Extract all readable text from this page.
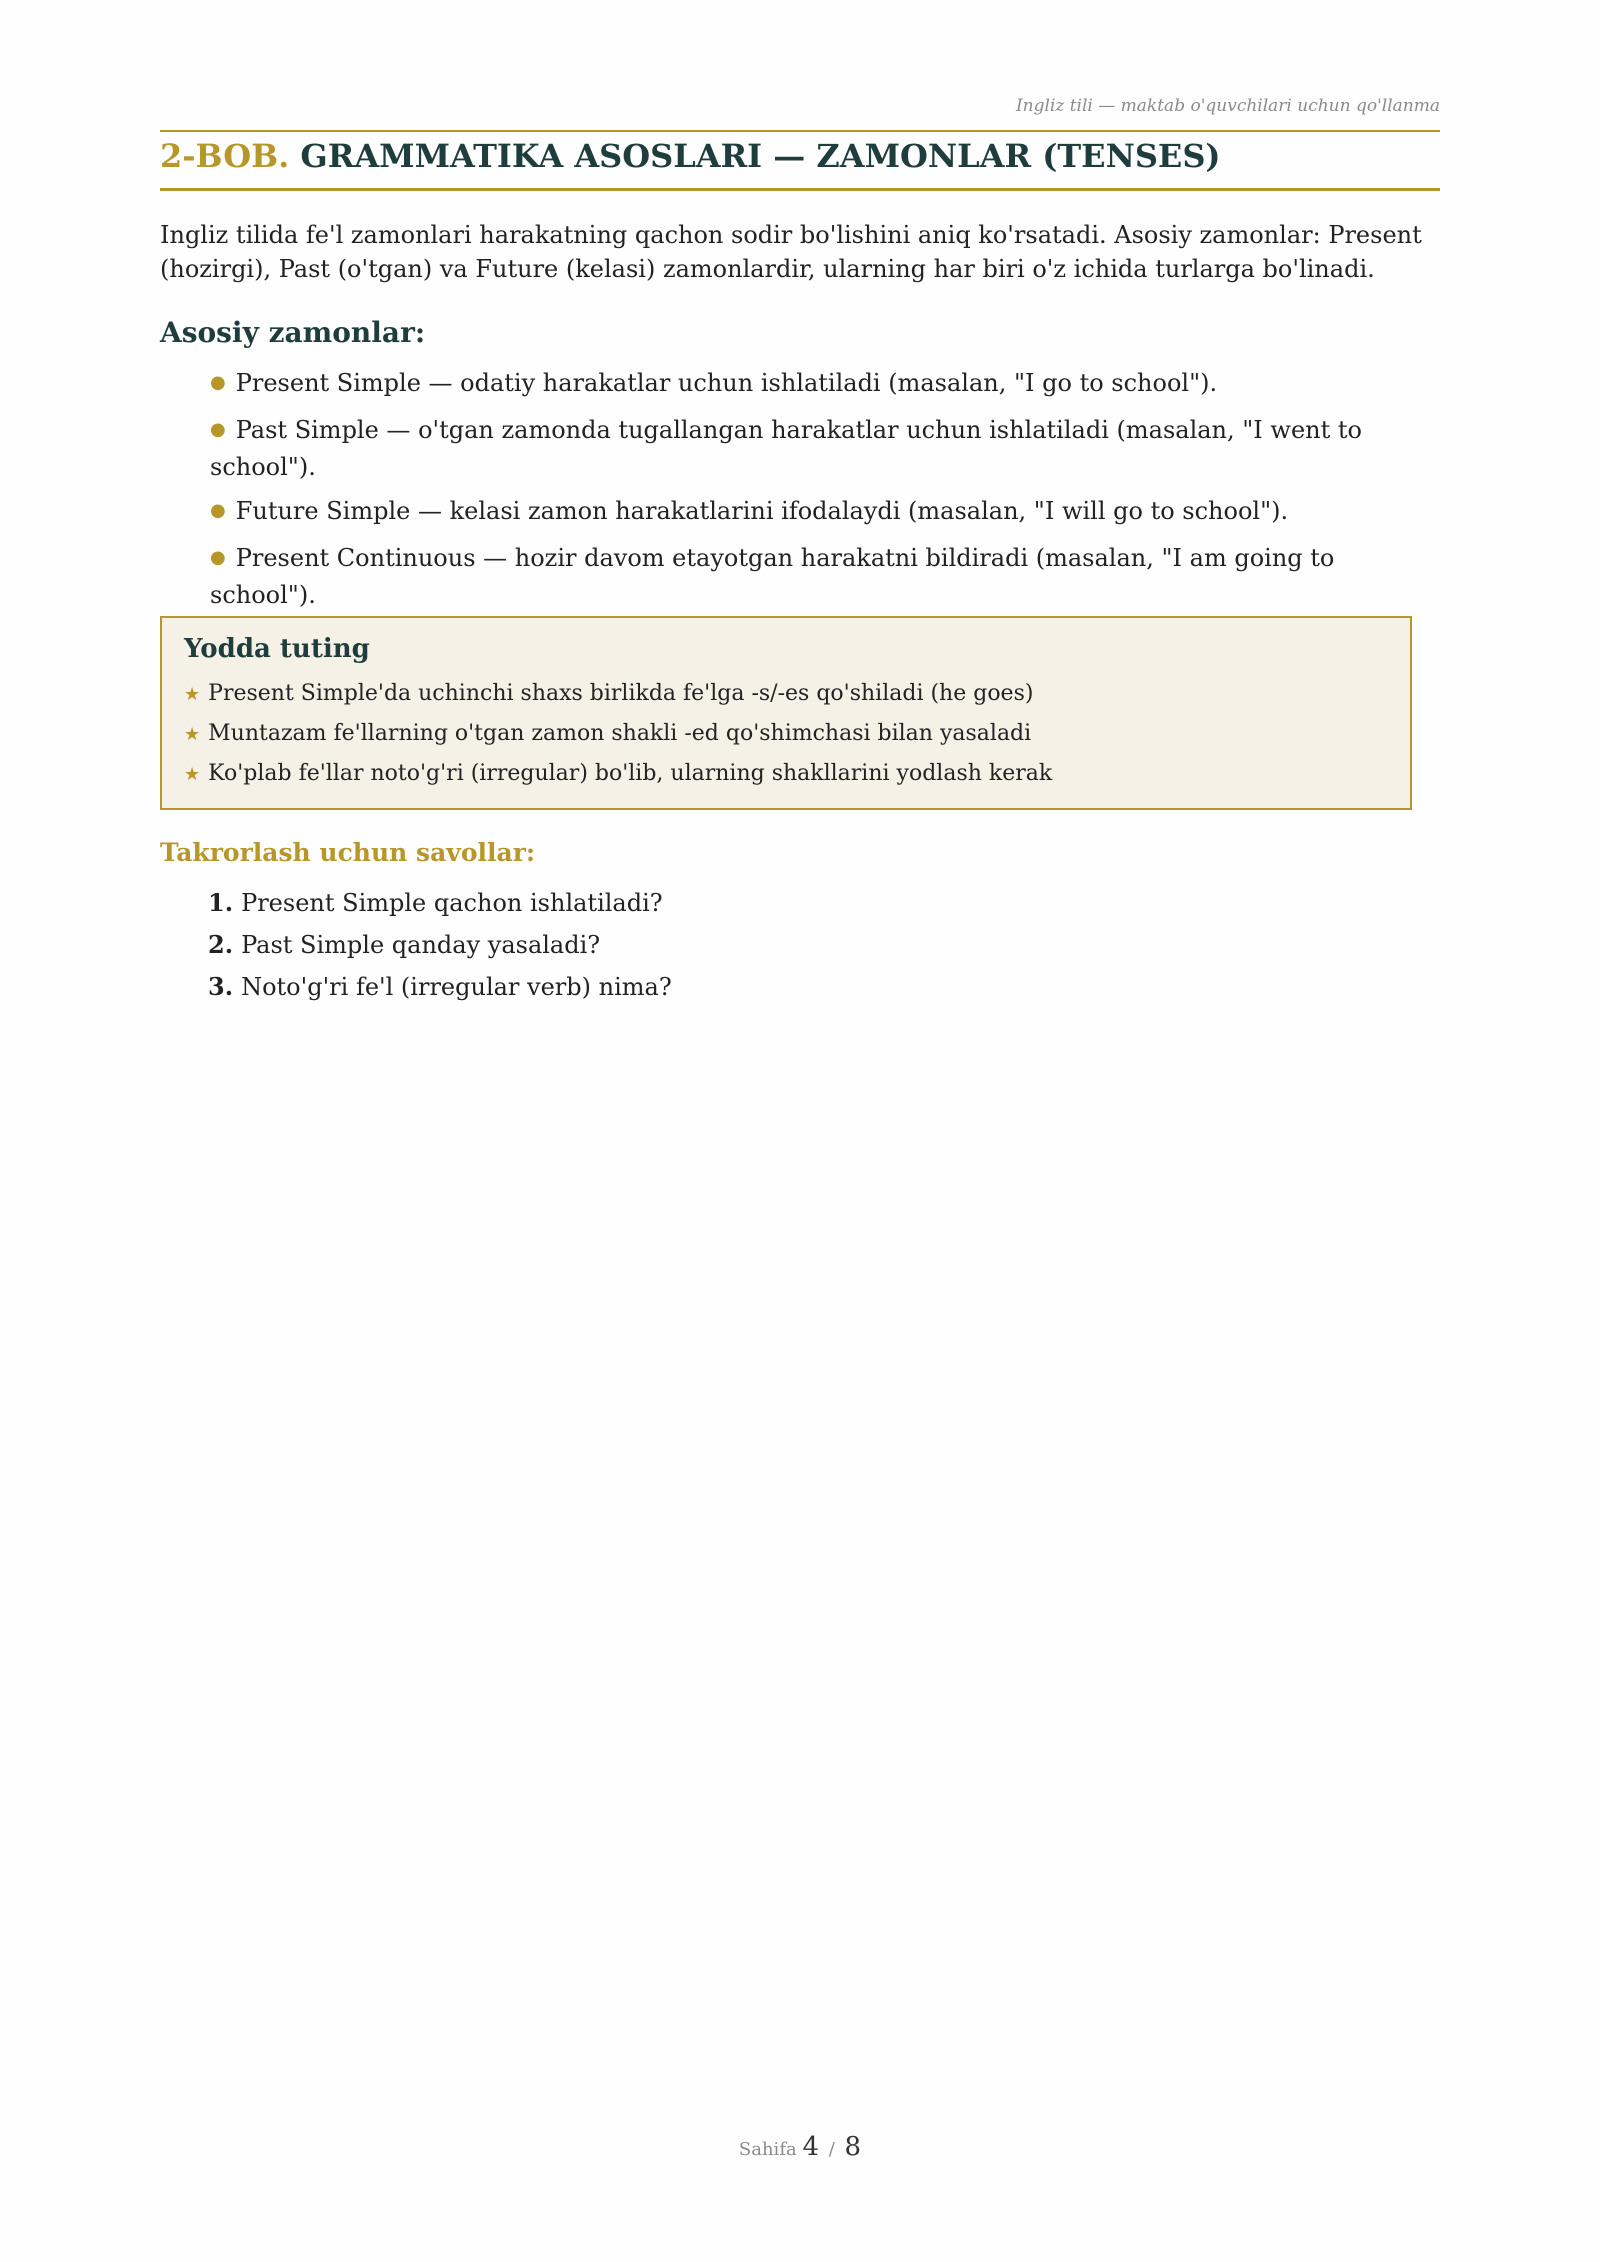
Ingliz tili — maktab o'quvchilari uchun qo'llanma
2-BOB. GRAMMATIKA ASOSLARI — ZAMONLAR (TENSES)

Ingliz tilida fe'l zamonlari harakatning qachon sodir bo'lishini aniq ko'rsatadi. Asosiy zamonlar: Present (hozirgi), Past (o'tgan) va Future (kelasi) zamonlardir, ularning har biri o'z ichida turlarga bo'linadi.

Asosiy zamonlar:
● Present Simple — odatiy harakatlar uchun ishlatiladi (masalan, "I go to school").
● Past Simple — o'tgan zamonda tugallangan harakatlar uchun ishlatiladi (masalan, "I went to school").
● Future Simple — kelasi zamon harakatlarini ifodalaydi (masalan, "I will go to school").
● Present Continuous — hozir davom etayotgan harakatni bildiradi (masalan, "I am going to school").
Yodda tuting
★ Present Simple'da uchinchi shaxs birlikda fe'lga -s/-es qo'shiladi (he goes)
★ Muntazam fe'llarning o'tgan zamon shakli -ed qo'shimchasi bilan yasaladi
★ Ko'plab fe'llar noto'g'ri (irregular) bo'lib, ularning shakllarini yodlash kerak
Takrorlash uchun savollar:
1. Present Simple qachon ishlatiladi?
2. Past Simple qanday yasaladi?
3. Noto'g'ri fe'l (irregular verb) nima?
Sahifa 4 / 8
